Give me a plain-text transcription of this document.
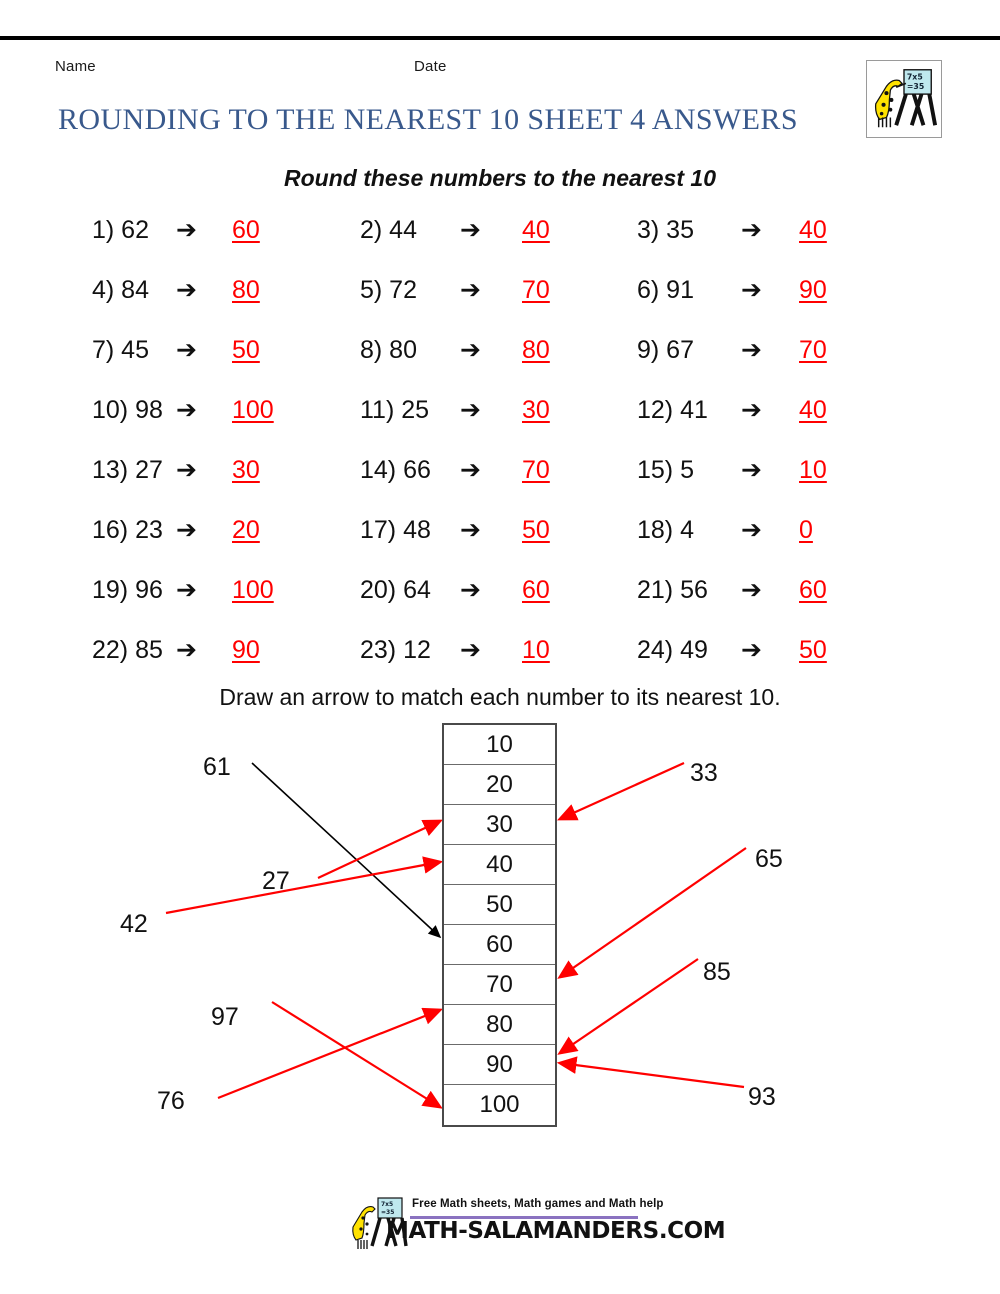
Name	Date
ROUNDING TO THE NEAREST 10 SHEET 4 ANSWERS
7x5
=35
Round these numbers to the nearest 10
1) 62	➔	60	2) 44	➔	40	3) 35	➔	40
4) 84	➔	80	5) 72	➔	70	6) 91	➔	90
7) 45	➔	50	8) 80	➔	80	9) 67	➔	70
10) 98 ➔	100	11) 25	➔	30	12) 41	➔	40
13) 27 ➔	30	14) 66	➔	70	15) 5	➔	10
16) 23 ➔	20	17) 48	➔	50	18) 4	➔	0
19) 96 ➔	100	20) 64	➔	60	21) 56	➔	60
22) 85 ➔	90	23) 12	➔	10	24) 49	➔	50
Draw an arrow to match each number to its nearest 10.
10
20
30
40
50
60
70
80
90
100
61
27
42
97
76
33
65
85
93
7x5
=35
Free Math sheets, Math games and Math help
MATH-SALAMANDERS.COM
